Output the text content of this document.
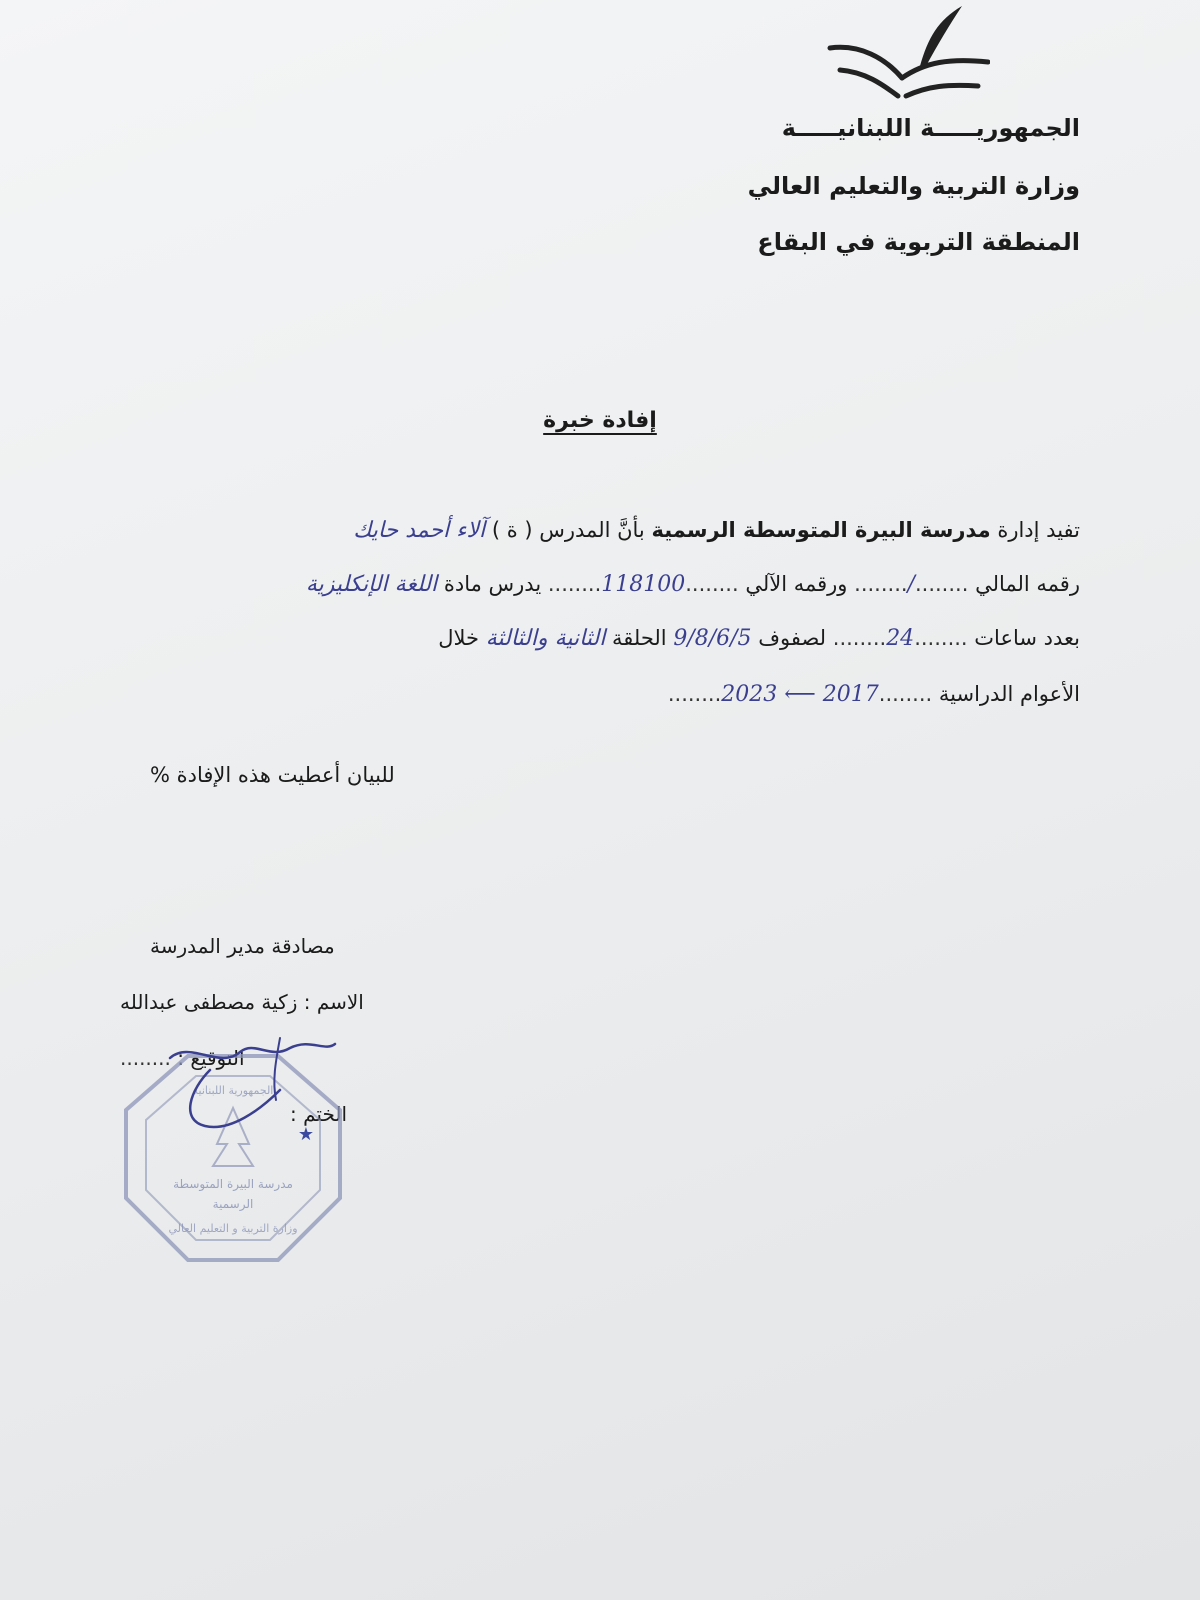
الجمهوريـــــة اللبنانيـــــة
وزارة التربية والتعليم العالي
المنطقة التربوية في البقاع
إفادة خبرة
تفيد إدارة مدرسة البيرة المتوسطة الرسمية بأنَّ المدرس ( ة ) آلاء أحمد حايك
رقمه المالي ......../........ ورقمه الآلي ........118100........ يدرس مادة اللغة الإنكليزية
بعدد ساعات ........24........ لصفوف 9/8/6/5 الحلقة الثانية والثالثة خلال
الأعوام الدراسية ........2017 ⟵ 2023........
للبيان أعطيت هذه الإفادة %
مصادقة مدير المدرسة
الاسم : زكية مصطفى عبدالله
التوقيع : ........
الختم :
الجمهورية اللبنانية
مدرسة البيرة المتوسطة
الرسمية
وزارة التربية و التعليم العالي
★
